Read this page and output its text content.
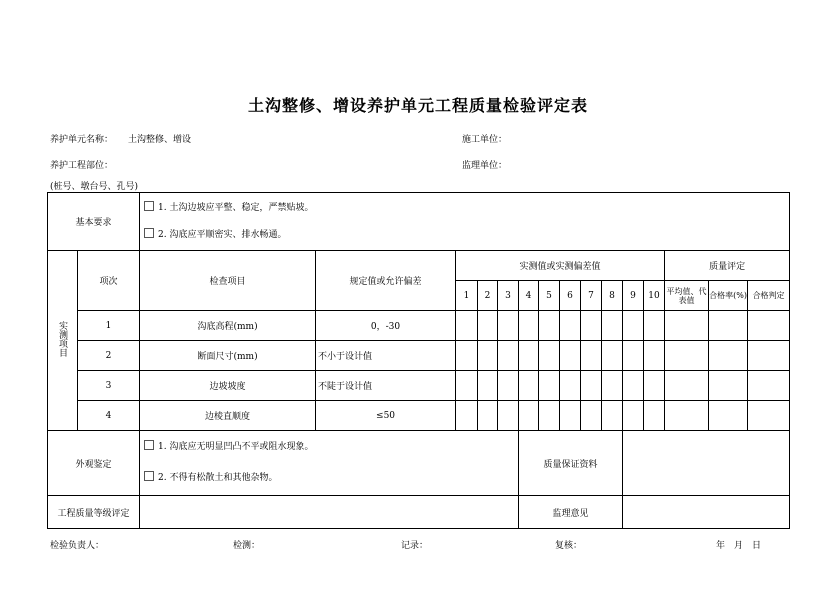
土沟整修、增设养护单元工程质量检验评定表
养护单元名称： 土沟整修、增设	施工单位：
养护工程部位：	监理单位：
(桩号、墩台号、孔号)
基本要求		1. 土沟边坡应平整、稳定，严禁贴坡。
2. 沟底应平顺密实、排水畅通。														

实测项目	项次	检查项目	规定值或允许偏差	实测值或实测偏差值										质量评定		
				1	2	3	4	5	6	7	8	9	10	平均值、代表值	合格率(%)	合格判定
	1	沟底高程(mm)	0，-30													
	2	断面尺寸(mm)	不小于设计值													
	3	边坡坡度	不陡于设计值													
	4	边棱直顺度	≤50													
外观鉴定		1. 沟底应无明显凹凸不平或阻水现象。
2. 不得有松散土和其他杂物。					质量保证资料									
工程质量等级评定							监理意见									
检验负责人：	检测：	记录：	复核：	年　月　日
